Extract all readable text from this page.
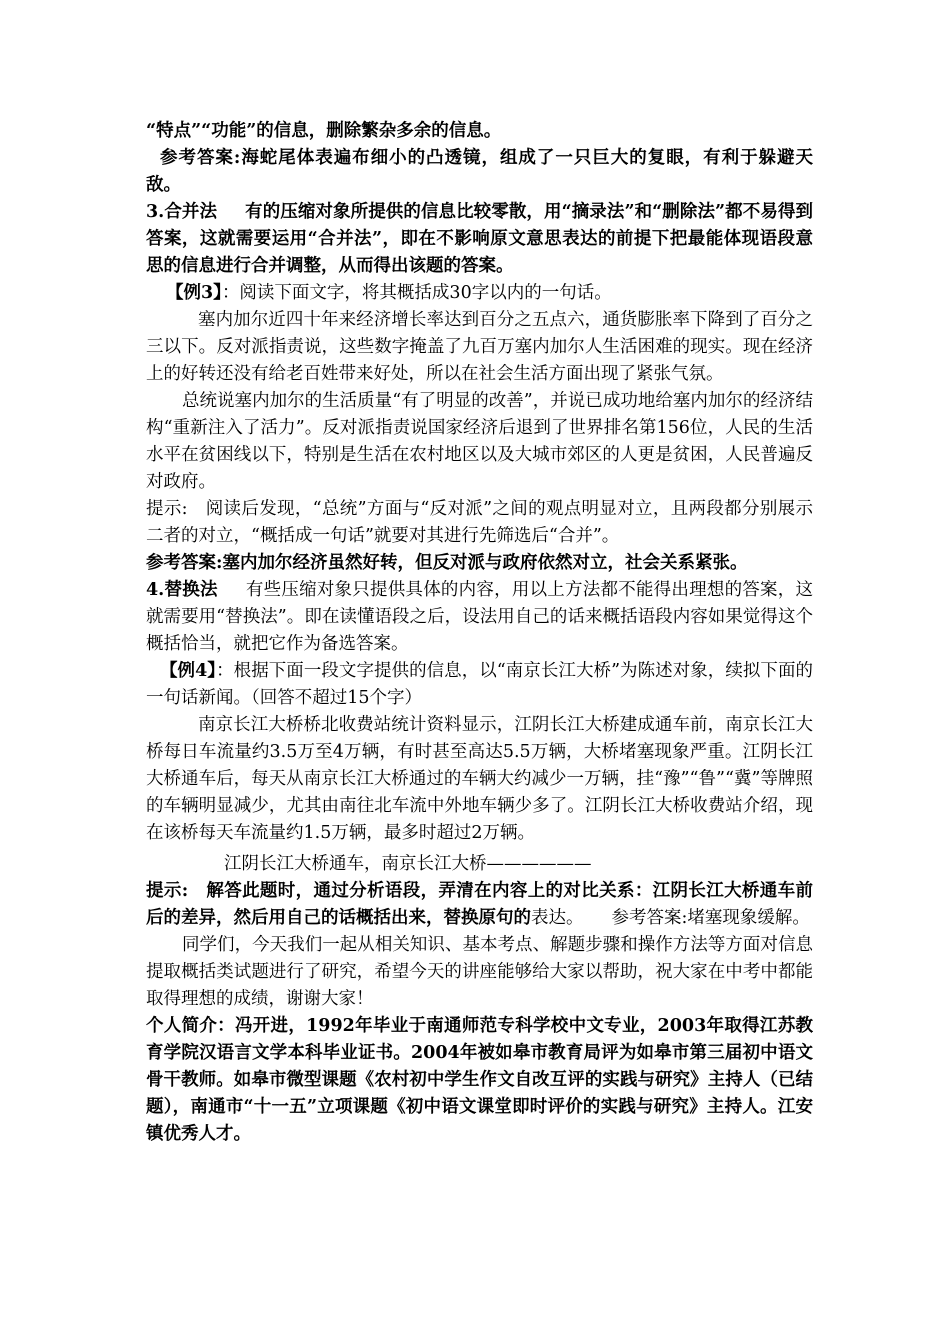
“特点”“功能”的信息，删除繁杂多余的信息。

参考答案:海蛇尾体表遍布细小的凸透镜，组成了一只巨大的复眼，有利于躲避天敌。

3.合并法 有的压缩对象所提供的信息比较零散，用“摘录法”和“删除法”都不易得到答案，这就需要运用“合并法”，即在不影响原文意思表达的前提下把最能体现语段意思的信息进行合并调整，从而得出该题的答案。

【例3】：阅读下面文字，将其概括成30字以内的一句话。

塞内加尔近四十年来经济增长率达到百分之五点六，通货膨胀率下降到了百分之三以下。反对派指责说，这些数字掩盖了九百万塞内加尔人生活困难的现实。现在经济上的好转还没有给老百姓带来好处，所以在社会生活方面出现了紧张气氛。

总统说塞内加尔的生活质量“有了明显的改善”，并说已成功地给塞内加尔的经济结构“重新注入了活力”。反对派指责说国家经济后退到了世界排名第156位，人民的生活水平在贫困线以下，特别是生活在农村地区以及大城市郊区的人更是贫困，人民普遍反对政府。

提示:　阅读后发现，“总统”方面与“反对派”之间的观点明显对立，且两段都分别展示二者的对立，“概括成一句话”就要对其进行先筛选后“合并”。

参考答案:塞内加尔经济虽然好转，但反对派与政府依然对立，社会关系紧张。

4.替换法 有些压缩对象只提供具体的内容，用以上方法都不能得出理想的答案，这就需要用“替换法”。即在读懂语段之后，设法用自己的话来概括语段内容如果觉得这个概括恰当，就把它作为备选答案。

【例4】：根据下面一段文字提供的信息，以“南京长江大桥”为陈述对象，续拟下面的一句话新闻。（回答不超过15个字）

南京长江大桥桥北收费站统计资料显示，江阴长江大桥建成通车前，南京长江大桥每日车流量约3.5万至4万辆，有时甚至高达5.5万辆，大桥堵塞现象严重。江阴长江大桥通车后，每天从南京长江大桥通过的车辆大约减少一万辆，挂“豫”“鲁”“冀”等牌照的车辆明显减少，尤其由南往北车流中外地车辆少多了。江阴长江大桥收费站介绍，现在该桥每天车流量约1.5万辆，最多时超过2万辆。

江阴长江大桥通车，南京长江大桥——————

提示:　解答此题时，通过分析语段，弄清在内容上的对比关系：江阴长江大桥通车前后的差异，然后用自己的话概括出来，替换原句的表达。 参考答案:堵塞现象缓解。

同学们，今天我们一起从相关知识、基本考点、解题步骤和操作方法等方面对信息提取概括类试题进行了研究，希望今天的讲座能够给大家以帮助，祝大家在中考中都能取得理想的成绩，谢谢大家！

个人简介：冯开进，1992年毕业于南通师范专科学校中文专业，2003年取得江苏教育学院汉语言文学本科毕业证书。2004年被如皋市教育局评为如皋市第三届初中语文骨干教师。如皋市微型课题《农村初中学生作文自改互评的实践与研究》主持人（已结题），南通市“十一五”立项课题《初中语文课堂即时评价的实践与研究》主持人。江安镇优秀人才。
